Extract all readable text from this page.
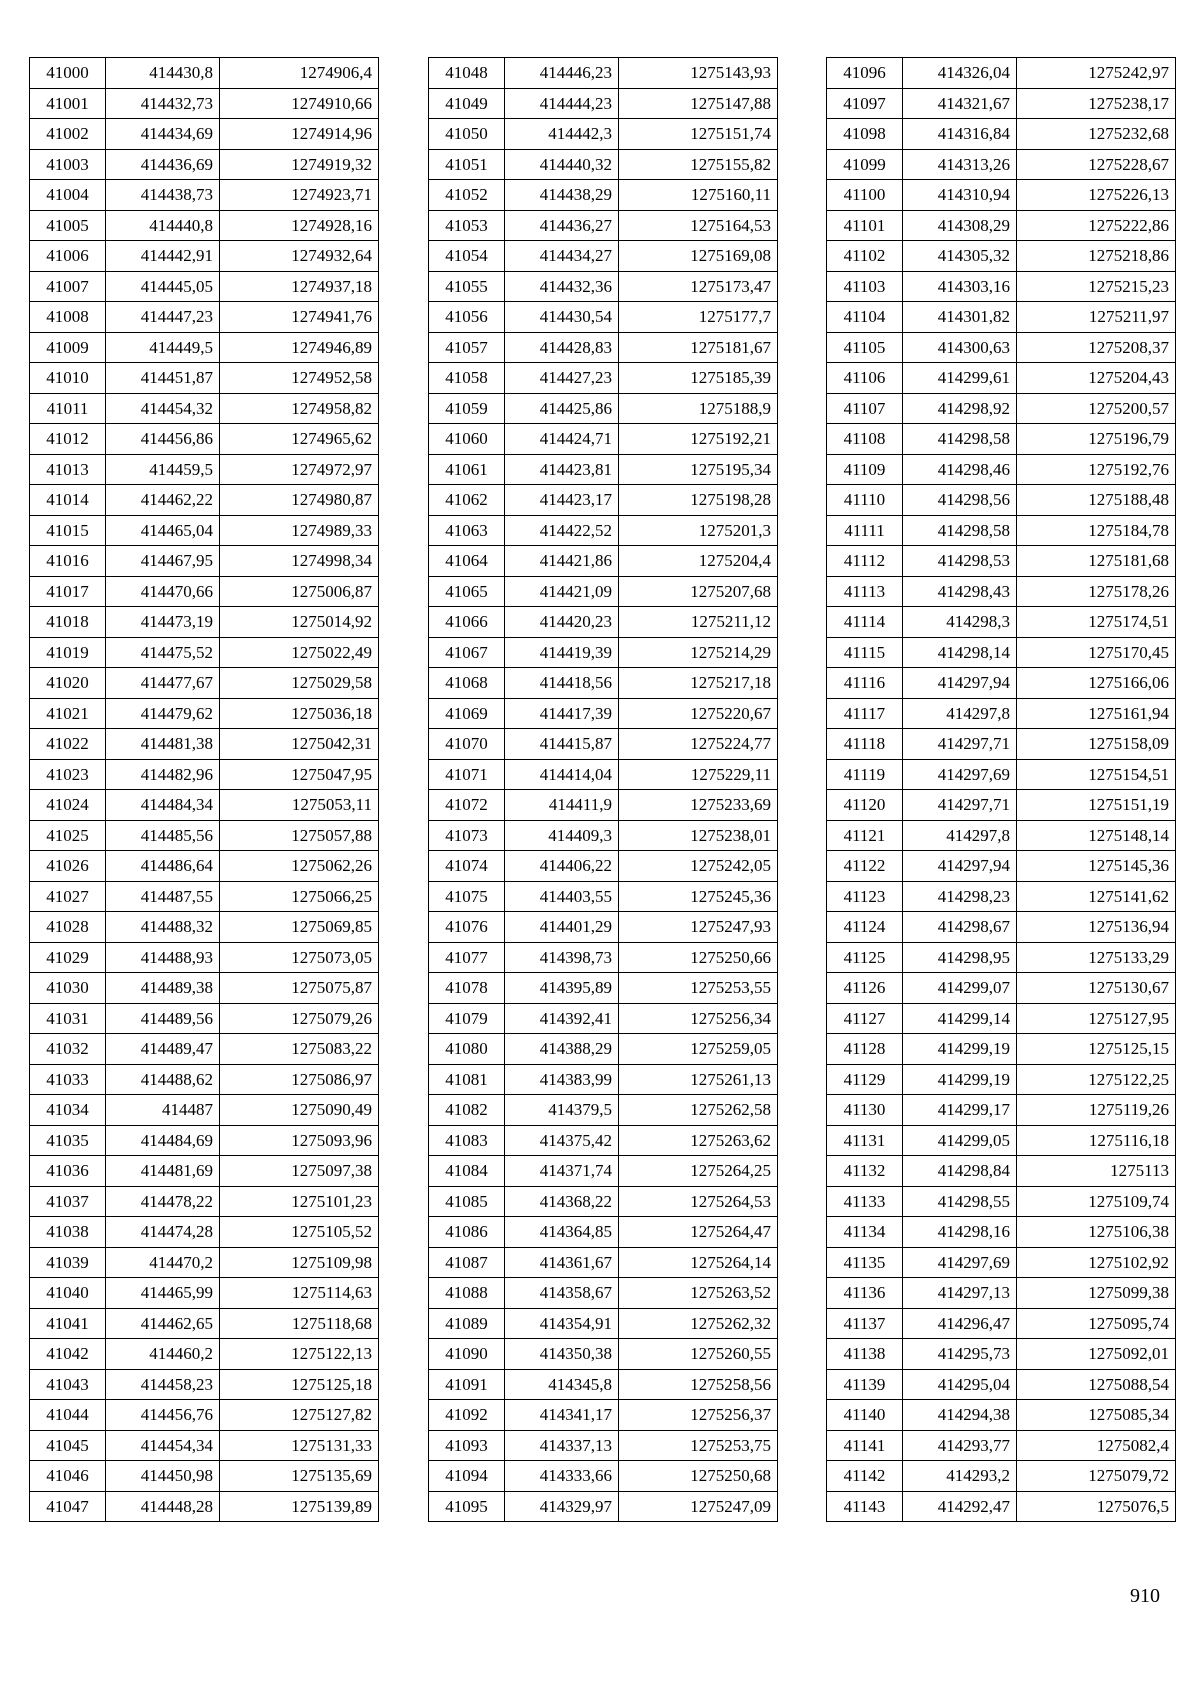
41000	414430,8	1274906,4
41001	414432,73	1274910,66
41002	414434,69	1274914,96
41003	414436,69	1274919,32
41004	414438,73	1274923,71
41005	414440,8	1274928,16
41006	414442,91	1274932,64
41007	414445,05	1274937,18
41008	414447,23	1274941,76
41009	414449,5	1274946,89
41010	414451,87	1274952,58
41011	414454,32	1274958,82
41012	414456,86	1274965,62
41013	414459,5	1274972,97
41014	414462,22	1274980,87
41015	414465,04	1274989,33
41016	414467,95	1274998,34
41017	414470,66	1275006,87
41018	414473,19	1275014,92
41019	414475,52	1275022,49
41020	414477,67	1275029,58
41021	414479,62	1275036,18
41022	414481,38	1275042,31
41023	414482,96	1275047,95
41024	414484,34	1275053,11
41025	414485,56	1275057,88
41026	414486,64	1275062,26
41027	414487,55	1275066,25
41028	414488,32	1275069,85
41029	414488,93	1275073,05
41030	414489,38	1275075,87
41031	414489,56	1275079,26
41032	414489,47	1275083,22
41033	414488,62	1275086,97
41034	414487	1275090,49
41035	414484,69	1275093,96
41036	414481,69	1275097,38
41037	414478,22	1275101,23
41038	414474,28	1275105,52
41039	414470,2	1275109,98
41040	414465,99	1275114,63
41041	414462,65	1275118,68
41042	414460,2	1275122,13
41043	414458,23	1275125,18
41044	414456,76	1275127,82
41045	414454,34	1275131,33
41046	414450,98	1275135,69
41047	414448,28	1275139,89
41048	414446,23	1275143,93
41049	414444,23	1275147,88
41050	414442,3	1275151,74
41051	414440,32	1275155,82
41052	414438,29	1275160,11
41053	414436,27	1275164,53
41054	414434,27	1275169,08
41055	414432,36	1275173,47
41056	414430,54	1275177,7
41057	414428,83	1275181,67
41058	414427,23	1275185,39
41059	414425,86	1275188,9
41060	414424,71	1275192,21
41061	414423,81	1275195,34
41062	414423,17	1275198,28
41063	414422,52	1275201,3
41064	414421,86	1275204,4
41065	414421,09	1275207,68
41066	414420,23	1275211,12
41067	414419,39	1275214,29
41068	414418,56	1275217,18
41069	414417,39	1275220,67
41070	414415,87	1275224,77
41071	414414,04	1275229,11
41072	414411,9	1275233,69
41073	414409,3	1275238,01
41074	414406,22	1275242,05
41075	414403,55	1275245,36
41076	414401,29	1275247,93
41077	414398,73	1275250,66
41078	414395,89	1275253,55
41079	414392,41	1275256,34
41080	414388,29	1275259,05
41081	414383,99	1275261,13
41082	414379,5	1275262,58
41083	414375,42	1275263,62
41084	414371,74	1275264,25
41085	414368,22	1275264,53
41086	414364,85	1275264,47
41087	414361,67	1275264,14
41088	414358,67	1275263,52
41089	414354,91	1275262,32
41090	414350,38	1275260,55
41091	414345,8	1275258,56
41092	414341,17	1275256,37
41093	414337,13	1275253,75
41094	414333,66	1275250,68
41095	414329,97	1275247,09
41096	414326,04	1275242,97
41097	414321,67	1275238,17
41098	414316,84	1275232,68
41099	414313,26	1275228,67
41100	414310,94	1275226,13
41101	414308,29	1275222,86
41102	414305,32	1275218,86
41103	414303,16	1275215,23
41104	414301,82	1275211,97
41105	414300,63	1275208,37
41106	414299,61	1275204,43
41107	414298,92	1275200,57
41108	414298,58	1275196,79
41109	414298,46	1275192,76
41110	414298,56	1275188,48
41111	414298,58	1275184,78
41112	414298,53	1275181,68
41113	414298,43	1275178,26
41114	414298,3	1275174,51
41115	414298,14	1275170,45
41116	414297,94	1275166,06
41117	414297,8	1275161,94
41118	414297,71	1275158,09
41119	414297,69	1275154,51
41120	414297,71	1275151,19
41121	414297,8	1275148,14
41122	414297,94	1275145,36
41123	414298,23	1275141,62
41124	414298,67	1275136,94
41125	414298,95	1275133,29
41126	414299,07	1275130,67
41127	414299,14	1275127,95
41128	414299,19	1275125,15
41129	414299,19	1275122,25
41130	414299,17	1275119,26
41131	414299,05	1275116,18
41132	414298,84	1275113
41133	414298,55	1275109,74
41134	414298,16	1275106,38
41135	414297,69	1275102,92
41136	414297,13	1275099,38
41137	414296,47	1275095,74
41138	414295,73	1275092,01
41139	414295,04	1275088,54
41140	414294,38	1275085,34
41141	414293,77	1275082,4
41142	414293,2	1275079,72
41143	414292,47	1275076,5
910
